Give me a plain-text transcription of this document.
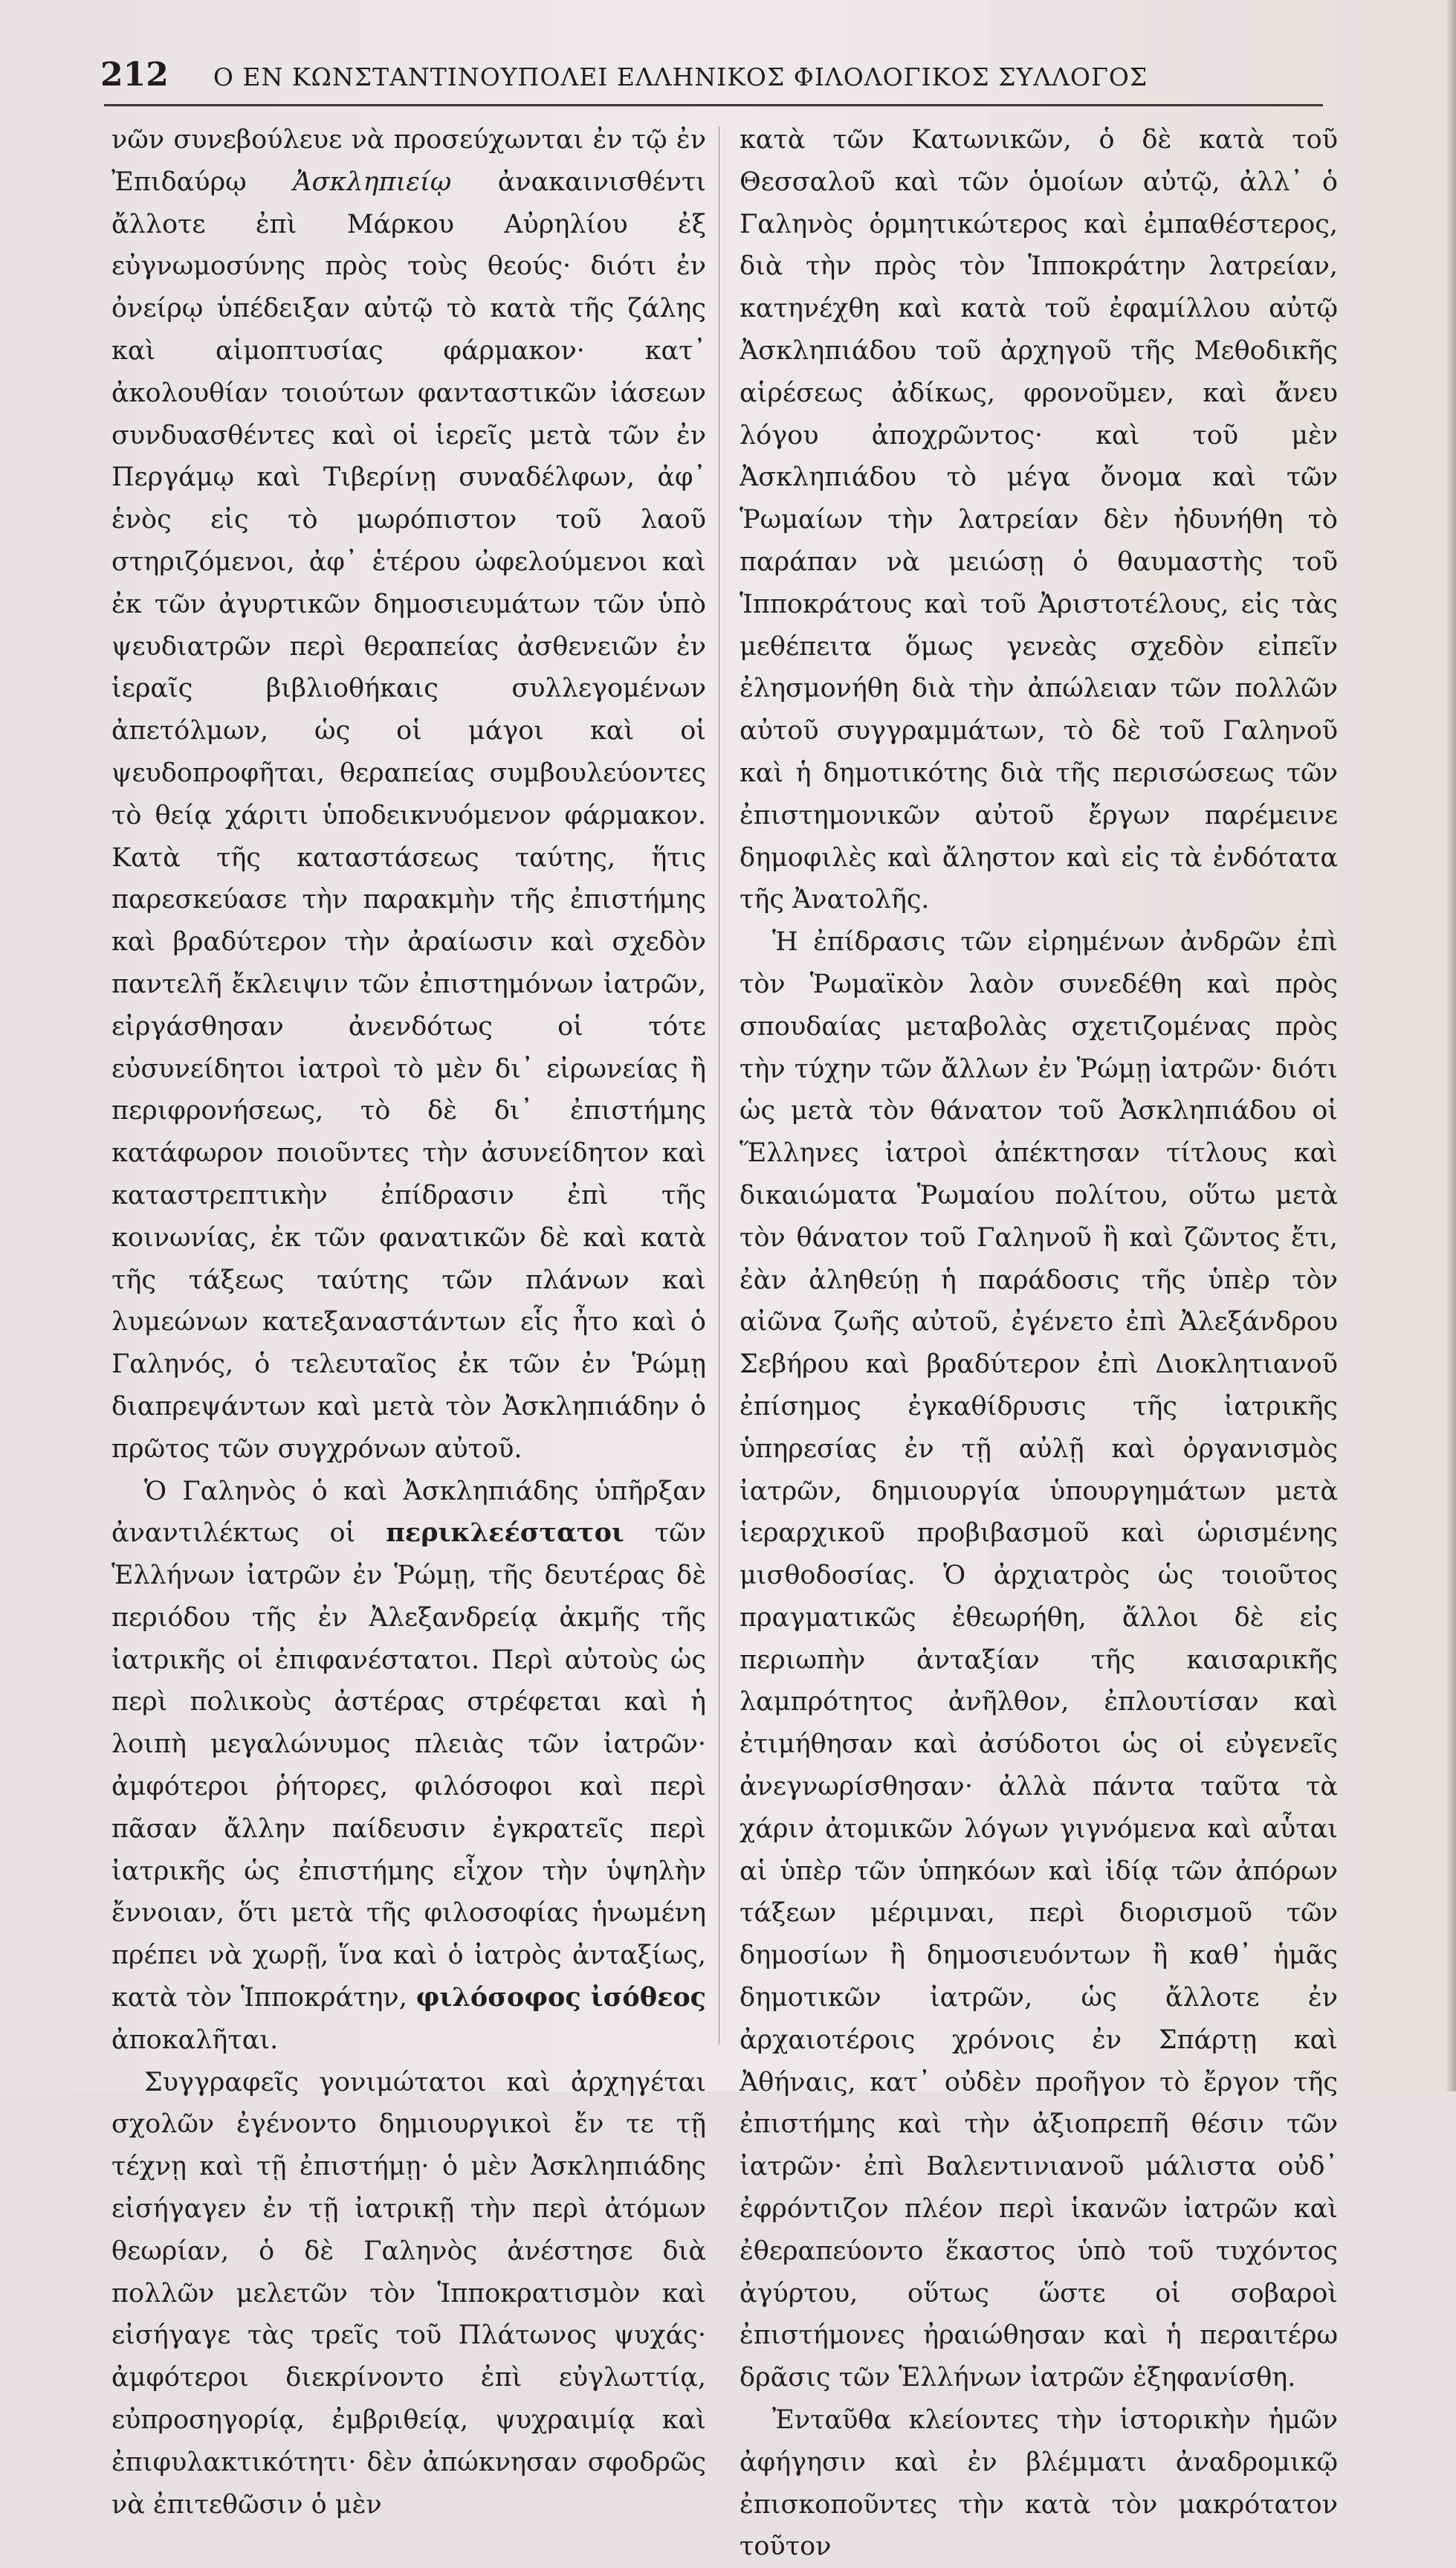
212 Ο ΕΝ ΚΩΝΣΤΑΝΤΙΝΟΥΠΟΛΕΙ ΕΛΛΗΝΙΚΟΣ ΦΙΛΟΛΟΓΙΚΟΣ ΣΥΛΛΟΓΟΣ

νῶν συνεβούλευε νὰ προσεύχωνται ἐν τῷ ἐν Ἐπιδαύρῳ Ἀσκληπιείῳ ἀνακαινισθέντι ἄλλοτε ἐπὶ Μάρκου Αὐρηλίου ἐξ εὐγνωμοσύνης πρὸς τοὺς θεούς· διότι ἐν ὀνείρῳ ὑπέδειξαν αὐτῷ τὸ κατὰ τῆς ζάλης καὶ αἱμοπτυσίας φάρμακον· κατ᾽ ἀκολουθίαν τοιούτων φανταστικῶν ἰάσεων συνδυασθέντες καὶ οἱ ἱερεῖς μετὰ τῶν ἐν Περγάμῳ καὶ Τιβερίνῃ συναδέλφων, ἀφ᾽ ἑνὸς εἰς τὸ μωρόπιστον τοῦ λαοῦ στηριζόμενοι, ἀφ᾽ ἑτέρου ὠφελούμενοι καὶ ἐκ τῶν ἀγυρτικῶν δημοσιευμάτων τῶν ὑπὸ ψευδιατρῶν περὶ θεραπείας ἀσθενειῶν ἐν ἱεραῖς βιβλιοθήκαις συλλεγομένων ἀπετόλμων, ὡς οἱ μάγοι καὶ οἱ ψευδοπροφῆται, θεραπείας συμβουλεύοντες τὸ θείᾳ χάριτι ὑποδεικνυόμενον φάρμακον. Κατὰ τῆς καταστάσεως ταύτης, ἥτις παρεσκεύασε τὴν παρακμὴν τῆς ἐπιστήμης καὶ βραδύτερον τὴν ἀραίωσιν καὶ σχεδὸν παντελῆ ἔκλειψιν τῶν ἐπιστημόνων ἰατρῶν, εἰργάσθησαν ἀνενδότως οἱ τότε εὐσυνείδητοι ἰατροὶ τὸ μὲν δι᾽ εἰρωνείας ἢ περιφρονήσεως, τὸ δὲ δι᾽ ἐπιστήμης κατάφωρον ποιοῦντες τὴν ἀσυνείδητον καὶ καταστρεπτικὴν ἐπίδρασιν ἐπὶ τῆς κοινωνίας, ἐκ τῶν φανατικῶν δὲ καὶ κατὰ τῆς τάξεως ταύτης τῶν πλάνων καὶ λυμεώνων κατεξαναστάντων εἷς ἦτο καὶ ὁ Γαληνός, ὁ τελευταῖος ἐκ τῶν ἐν Ῥώμῃ διαπρεψάντων καὶ μετὰ τὸν Ἀσκληπιάδην ὁ πρῶτος τῶν συγχρόνων αὐτοῦ.

Ὁ Γαληνὸς ὁ καὶ Ἀσκληπιάδης ὑπῆρξαν ἀναντιλέκτως οἱ περικλεέστατοι τῶν Ἑλλήνων ἰατρῶν ἐν Ῥώμῃ, τῆς δευτέρας δὲ περιόδου τῆς ἐν Ἀλεξανδρείᾳ ἀκμῆς τῆς ἰατρικῆς οἱ ἐπιφανέστατοι. Περὶ αὐτοὺς ὡς περὶ πολικοὺς ἀστέρας στρέφεται καὶ ἡ λοιπὴ μεγαλώνυμος πλειὰς τῶν ἰατρῶν· ἀμφότεροι ῥήτορες, φιλόσοφοι καὶ περὶ πᾶσαν ἄλλην παίδευσιν ἐγκρατεῖς περὶ ἰατρικῆς ὡς ἐπιστήμης εἶχον τὴν ὑψηλὴν ἔννοιαν, ὅτι μετὰ τῆς φιλοσοφίας ἡνωμένη πρέπει νὰ χωρῇ, ἵνα καὶ ὁ ἰατρὸς ἀνταξίως, κατὰ τὸν Ἱπποκράτην, φιλόσοφος ἰσόθεος ἀποκαλῆται.

Συγγραφεῖς γονιμώτατοι καὶ ἀρχηγέται σχολῶν ἐγένοντο δημιουργικοὶ ἔν τε τῇ τέχνῃ καὶ τῇ ἐπιστήμῃ· ὁ μὲν Ἀσκληπιάδης εἰσήγαγεν ἐν τῇ ἰατρικῇ τὴν περὶ ἀτόμων θεωρίαν, ὁ δὲ Γαληνὸς ἀνέστησε διὰ πολλῶν μελετῶν τὸν Ἱπποκρατισμὸν καὶ εἰσήγαγε τὰς τρεῖς τοῦ Πλάτωνος ψυχάς· ἀμφότεροι διεκρίνοντο ἐπὶ εὐγλωττίᾳ, εὐπροσηγορίᾳ, ἐμβριθείᾳ, ψυχραιμίᾳ καὶ ἐπιφυλακτικότητι· δὲν ἀπώκνησαν σφοδρῶς νὰ ἐπιτεθῶσιν ὁ μὲν

κατὰ τῶν Κατωνικῶν, ὁ δὲ κατὰ τοῦ Θεσσαλοῦ καὶ τῶν ὁμοίων αὐτῷ, ἀλλ᾽ ὁ Γαληνὸς ὁρμητικώτερος καὶ ἐμπαθέστερος, διὰ τὴν πρὸς τὸν Ἱπποκράτην λατρείαν, κατηνέχθη καὶ κατὰ τοῦ ἐφαμίλλου αὐτῷ Ἀσκληπιάδου τοῦ ἀρχηγοῦ τῆς Μεθοδικῆς αἱρέσεως ἀδίκως, φρονοῦμεν, καὶ ἄνευ λόγου ἀποχρῶντος· καὶ τοῦ μὲν Ἀσκληπιάδου τὸ μέγα ὄνομα καὶ τῶν Ῥωμαίων τὴν λατρείαν δὲν ἠδυνήθη τὸ παράπαν νὰ μειώσῃ ὁ θαυμαστὴς τοῦ Ἱπποκράτους καὶ τοῦ Ἀριστοτέλους, εἰς τὰς μεθέπειτα ὅμως γενεὰς σχεδὸν εἰπεῖν ἐλησμονήθη διὰ τὴν ἀπώλειαν τῶν πολλῶν αὐτοῦ συγγραμμάτων, τὸ δὲ τοῦ Γαληνοῦ καὶ ἡ δημοτικότης διὰ τῆς περισώσεως τῶν ἐπιστημονικῶν αὐτοῦ ἔργων παρέμεινε δημοφιλὲς καὶ ἄληστον καὶ εἰς τὰ ἐνδότατα τῆς Ἀνατολῆς.

Ἡ ἐπίδρασις τῶν εἰρημένων ἀνδρῶν ἐπὶ τὸν Ῥωμαϊκὸν λαὸν συνεδέθη καὶ πρὸς σπουδαίας μεταβολὰς σχετιζομένας πρὸς τὴν τύχην τῶν ἄλλων ἐν Ῥώμῃ ἰατρῶν· διότι ὡς μετὰ τὸν θάνατον τοῦ Ἀσκληπιάδου οἱ Ἕλληνες ἰατροὶ ἀπέκτησαν τίτλους καὶ δικαιώματα Ῥωμαίου πολίτου, οὕτω μετὰ τὸν θάνατον τοῦ Γαληνοῦ ἢ καὶ ζῶντος ἔτι, ἐὰν ἀληθεύῃ ἡ παράδοσις τῆς ὑπὲρ τὸν αἰῶνα ζωῆς αὐτοῦ, ἐγένετο ἐπὶ Ἀλεξάνδρου Σεβήρου καὶ βραδύτερον ἐπὶ Διοκλητιανοῦ ἐπίσημος ἐγκαθίδρυσις τῆς ἰατρικῆς ὑπηρεσίας ἐν τῇ αὐλῇ καὶ ὀργανισμὸς ἰατρῶν, δημιουργία ὑπουργημάτων μετὰ ἱεραρχικοῦ προβιβασμοῦ καὶ ὡρισμένης μισθοδοσίας. Ὁ ἀρχιατρὸς ὡς τοιοῦτος πραγματικῶς ἐθεωρήθη, ἄλλοι δὲ εἰς περιωπὴν ἀνταξίαν τῆς καισαρικῆς λαμπρότητος ἀνῆλθον, ἐπλουτίσαν καὶ ἐτιμήθησαν καὶ ἀσύδοτοι ὡς οἱ εὐγενεῖς ἀνεγνωρίσθησαν· ἀλλὰ πάντα ταῦτα τὰ χάριν ἀτομικῶν λόγων γιγνόμενα καὶ αὗται αἱ ὑπὲρ τῶν ὑπηκόων καὶ ἰδίᾳ τῶν ἀπόρων τάξεων μέριμναι, περὶ διορισμοῦ τῶν δημοσίων ἢ δημοσιευόντων ἢ καθ᾽ ἡμᾶς δημοτικῶν ἰατρῶν, ὡς ἄλλοτε ἐν ἀρχαιοτέροις χρόνοις ἐν Σπάρτῃ καὶ Ἀθήναις, κατ᾽ οὐδὲν προῆγον τὸ ἔργον τῆς ἐπιστήμης καὶ τὴν ἀξιοπρεπῆ θέσιν τῶν ἰατρῶν· ἐπὶ Βαλεντινιανοῦ μάλιστα οὐδ᾽ ἐφρόντιζον πλέον περὶ ἱκανῶν ἰατρῶν καὶ ἐθεραπεύοντο ἕκαστος ὑπὸ τοῦ τυχόντος ἀγύρτου, οὕτως ὥστε οἱ σοβαροὶ ἐπιστήμονες ἠραιώθησαν καὶ ἡ περαιτέρω δρᾶσις τῶν Ἑλλήνων ἰατρῶν ἐξηφανίσθη.

Ἐνταῦθα κλείοντες τὴν ἱστορικὴν ἡμῶν ἀφήγησιν καὶ ἐν βλέμματι ἀναδρομικῷ ἐπισκοποῦντες τὴν κατὰ τὸν μακρότατον τοῦτον
